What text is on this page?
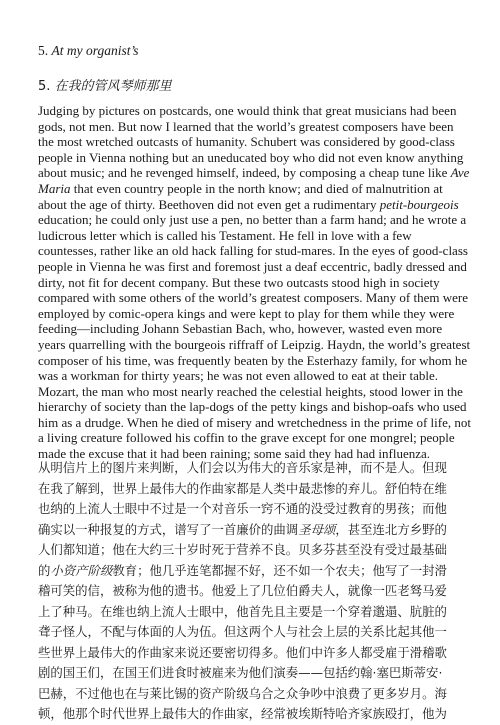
5. At my organist’s
5. 在我的管风琴师那里

Judging by pictures on postcards, one would think that great musicians had been
gods, not men. But now I learned that the world’s greatest composers have been
the most wretched outcasts of humanity. Schubert was considered by good-class
people in Vienna nothing but an uneducated boy who did not even know anything
about music; and he revenged himself, indeed, by composing a cheap tune like Ave
Maria that even country people in the north know; and died of malnutrition at
about the age of thirty. Beethoven did not even get a rudimentary petit-bourgeois
education; he could only just use a pen, no better than a farm hand; and he wrote a
ludicrous letter which is called his Testament. He fell in love with a few
countesses, rather like an old hack falling for stud-mares. In the eyes of good-class
people in Vienna he was first and foremost just a deaf eccentric, badly dressed and
dirty, not fit for decent company. But these two outcasts stood high in society
compared with some others of the world’s greatest composers. Many of them were
employed by comic-opera kings and were kept to play for them while they were
feeding—including Johann Sebastian Bach, who, however, wasted even more
years quarrelling with the bourgeois riffraff of Leipzig. Haydn, the world’s greatest
composer of his time, was frequently beaten by the Esterhazy family, for whom he
was a workman for thirty years; he was not even allowed to eat at their table.
Mozart, the man who most nearly reached the celestial heights, stood lower in the
hierarchy of society than the lap-dogs of the petty kings and bishop-oafs who used
him as a drudge. When he died of misery and wretchedness in the prime of life, not
a living creature followed his coffin to the grave except for one mongrel; people
made the excuse that it had been raining; some said they had had influenza.

从明信片上的图片来判断，人们会以为伟大的音乐家是神，而不是人。但现
在我了解到，世界上最伟大的作曲家都是人类中最悲惨的弃儿。舒伯特在维
也纳的上流人士眼中不过是一个对音乐一窍不通的没受过教育的男孩；而他
确实以一种报复的方式，谱写了一首廉价的曲调圣母颂，甚至连北方乡野的
人们都知道；他在大约三十岁时死于营养不良。贝多芬甚至没有受过最基础
的小资产阶级教育；他几乎连笔都握不好，还不如一个农夫；他写了一封滑
稽可笑的信，被称为他的遗书。他爱上了几位伯爵夫人，就像一匹老驽马爱
上了种马。在维也纳上流人士眼中，他首先且主要是一个穿着邈遢、肮脏的
聋子怪人，不配与体面的人为伍。但这两个人与社会上层的关系比起其他一
些世界上最伟大的作曲家来说还要密切得多。他们中许多人都受雇于滑稽歌
剧的国王们，在国王们进食时被雇来为他们演奏——包括约翰·塞巴斯蒂安·
巴赫，不过他也在与莱比锡的资产阶级乌合之众争吵中浪费了更多岁月。海
顿，他那个时代世界上最伟大的作曲家，经常被埃斯特哈齐家族殴打，他为
